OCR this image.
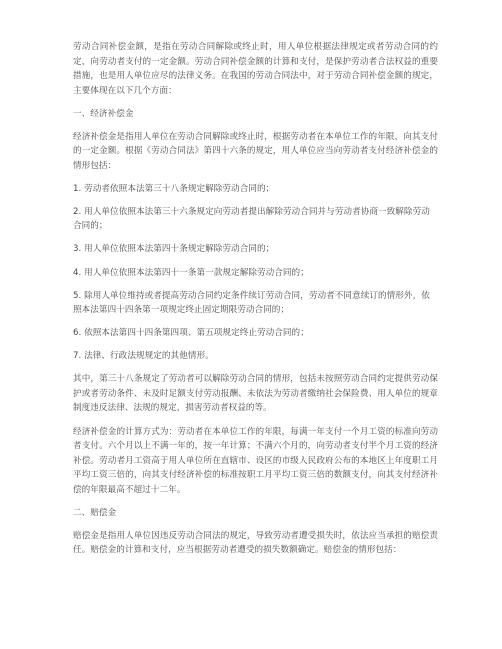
劳动合同补偿金额，是指在劳动合同解除或终止时，用人单位根据法律规定或者劳动合同的约定，向劳动者支付的一定金额。劳动合同补偿金额的计算和支付，是保护劳动者合法权益的重要措施，也是用人单位应尽的法律义务。在我国的劳动合同法中，对于劳动合同补偿金额的规定，主要体现在以下几个方面：

一、经济补偿金

经济补偿金是指用人单位在劳动合同解除或终止时，根据劳动者在本单位工作的年限，向其支付的一定金额。根据《劳动合同法》第四十六条的规定，用人单位应当向劳动者支付经济补偿金的情形包括：

1. 劳动者依照本法第三十八条规定解除劳动合同的；
2. 用人单位依照本法第三十六条规定向劳动者提出解除劳动合同并与劳动者协商一致解除劳动合同的；
3. 用人单位依照本法第四十条规定解除劳动合同的；
4. 用人单位依照本法第四十一条第一款规定解除劳动合同的；
5. 除用人单位维持或者提高劳动合同约定条件续订劳动合同，劳动者不同意续订的情形外，依照本法第四十四条第一项规定终止固定期限劳动合同的；
6. 依照本法第四十四条第四项、第五项规定终止劳动合同的；
7. 法律、行政法规规定的其他情形。

其中，第三十八条规定了劳动者可以解除劳动合同的情形，包括未按照劳动合同约定提供劳动保护或者劳动条件、未及时足额支付劳动报酬、未依法为劳动者缴纳社会保险费、用人单位的规章制度违反法律、法规的规定，损害劳动者权益的等。

经济补偿金的计算方式为：劳动者在本单位工作的年限，每满一年支付一个月工资的标准向劳动者支付。六个月以上不满一年的，按一年计算；不满六个月的，向劳动者支付半个月工资的经济补偿。劳动者月工资高于用人单位所在直辖市、设区的市级人民政府公布的本地区上年度职工月平均工资三倍的，向其支付经济补偿的标准按职工月平均工资三倍的数额支付，向其支付经济补偿的年限最高不超过十二年。

二、赔偿金

赔偿金是指用人单位因违反劳动合同法的规定，导致劳动者遭受损失时，依法应当承担的赔偿责任。赔偿金的计算和支付，应当根据劳动者遭受的损失数额确定。赔偿金的情形包括：
